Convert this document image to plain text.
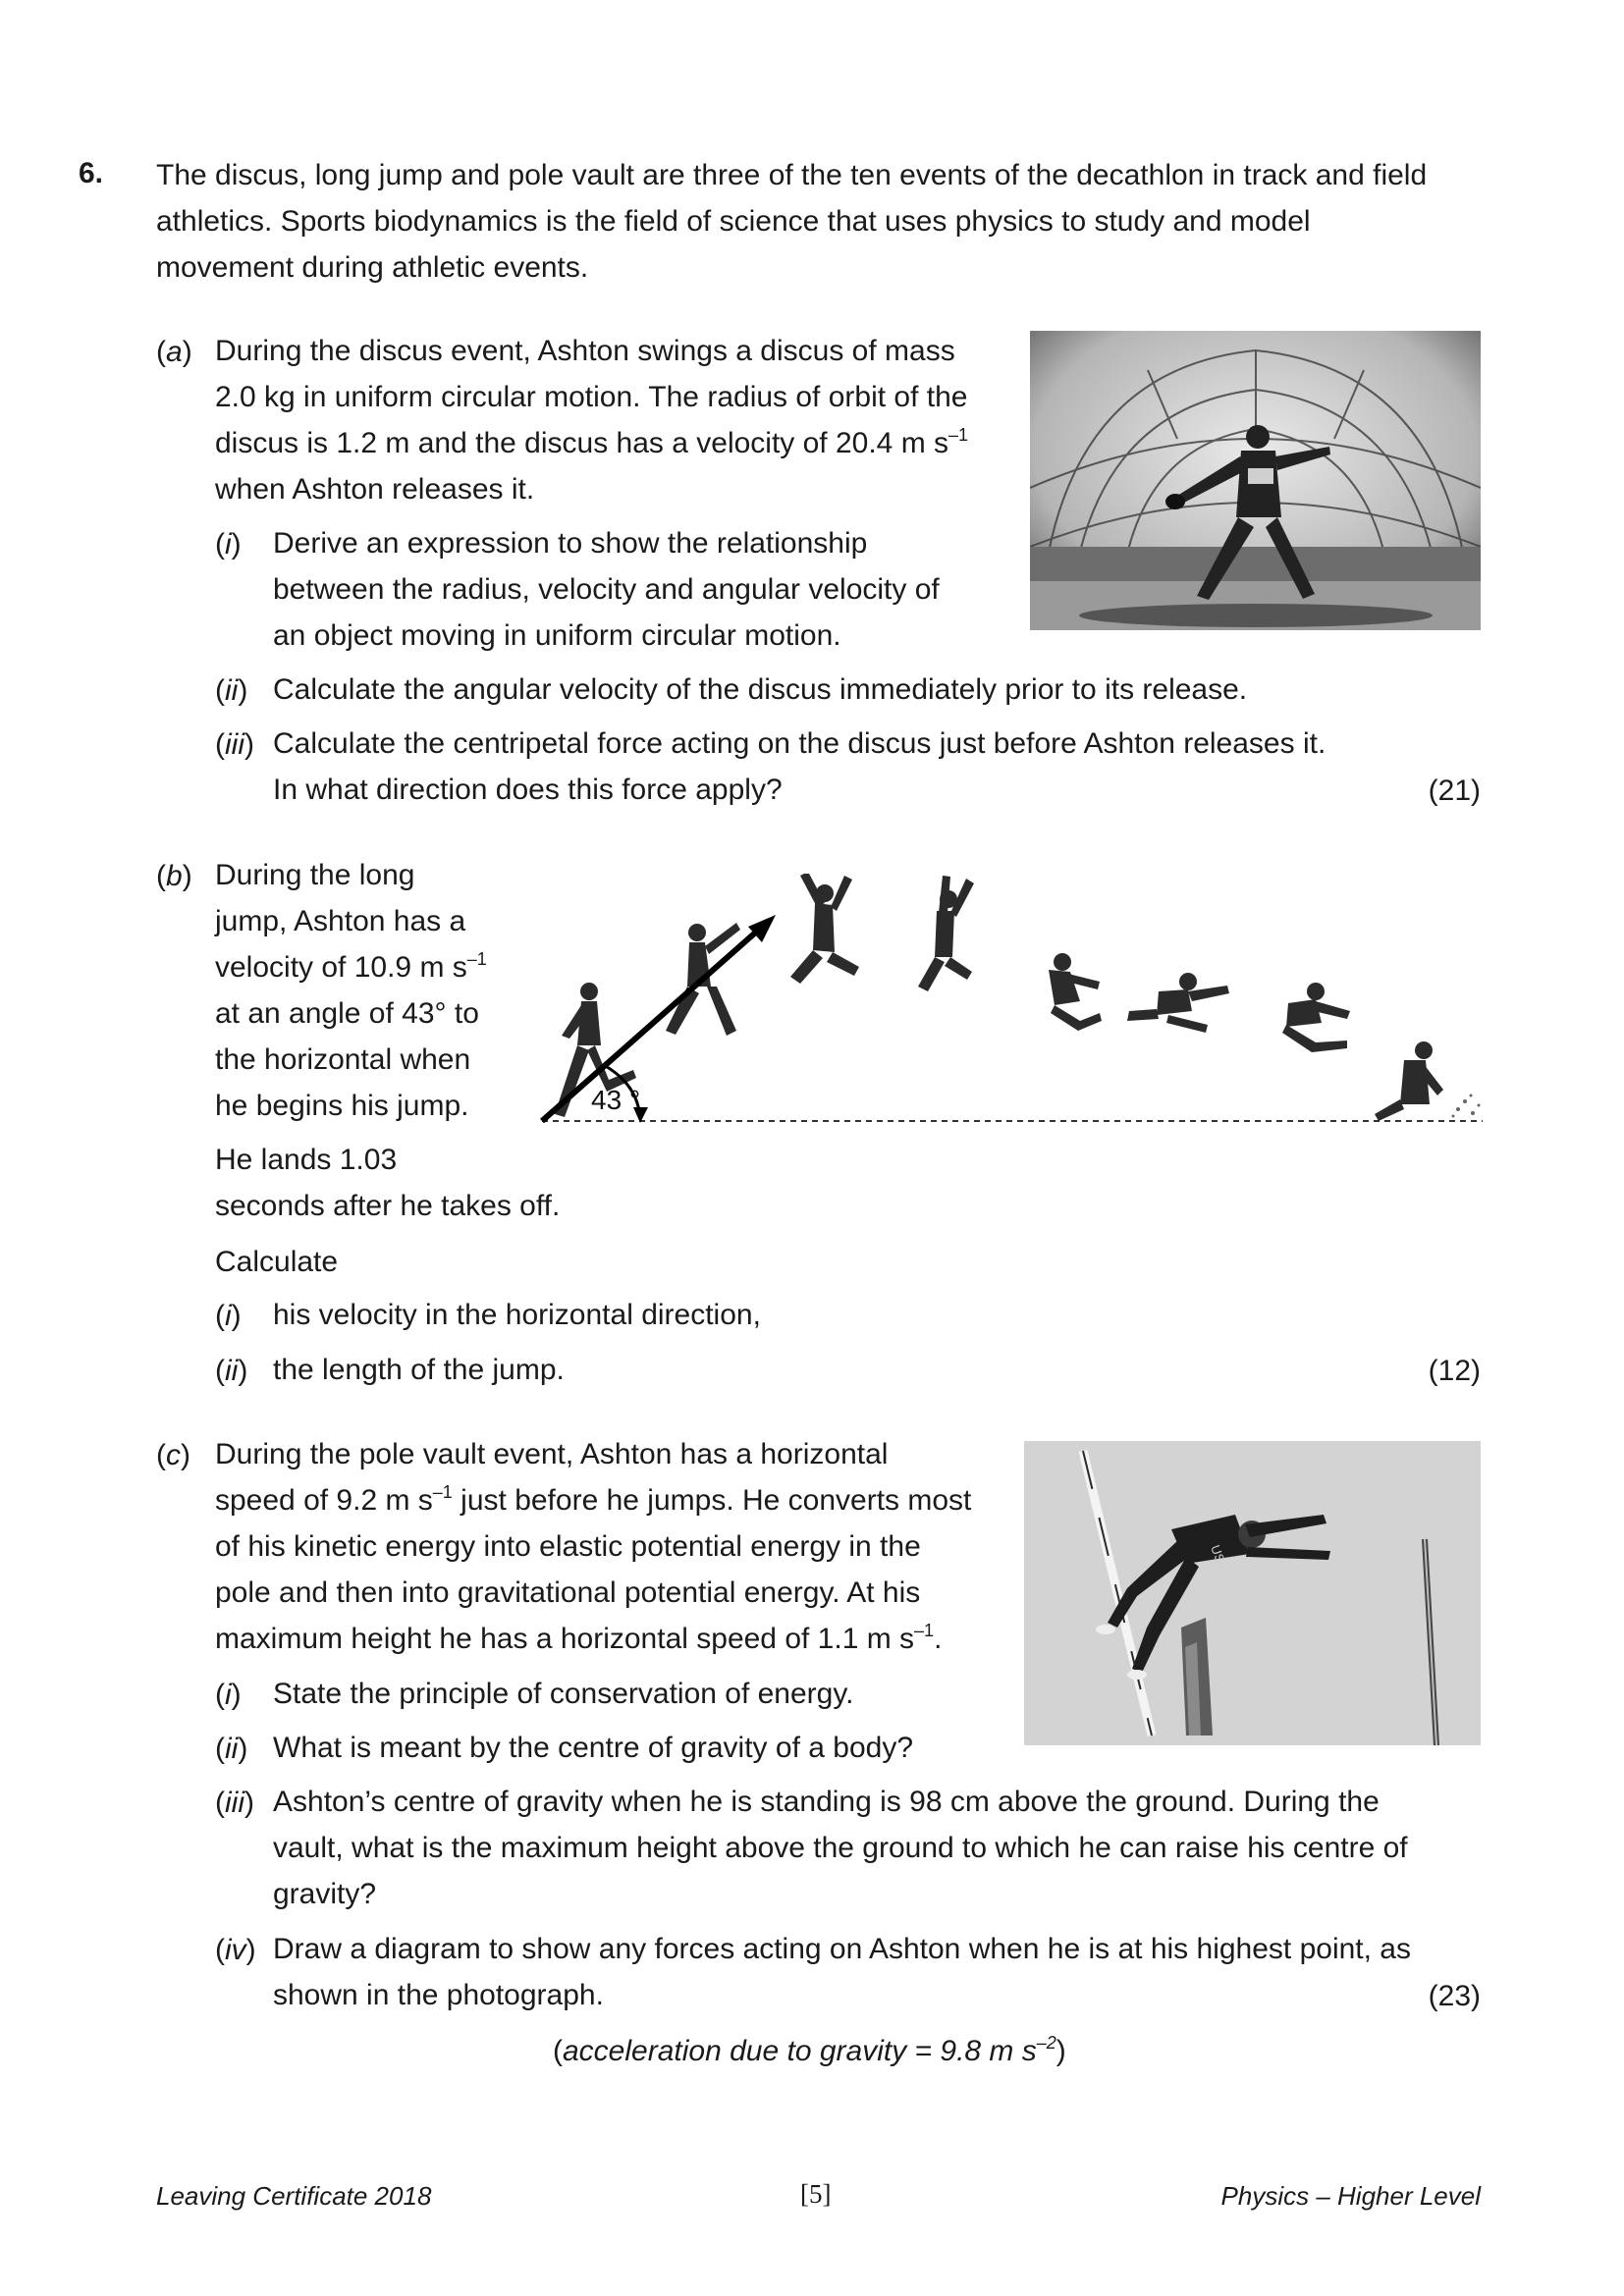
6. The discus, long jump and pole vault are three of the ten events of the decathlon in track and field
athletics. Sports biodynamics is the field of science that uses physics to study and model
movement during athletic events.
(a) During the discus event, Ashton swings a discus of mass
2.0 kg in uniform circular motion. The radius of orbit of the
discus is 1.2 m and the discus has a velocity of 20.4 m $s^{-1}$
when Ashton releases it.
(i) Derive an expression to show the relationship
between the radius, velocity and angular velocity of
an object moving in uniform circular motion.
(ii) Calculate the angular velocity of the discus immediately prior to its release.
(iii) Calculate the centripetal force acting on the discus just before Ashton releases it.
In what direction does this force apply?	(21)
(b) During the long
jump, Ashton has a
velocity of 10.9 m $s^{-1}$
at an angle of 43° to
the horizontal when
he begins his jump.
He lands 1.03
seconds after he takes off.
Calculate
(i) his velocity in the horizontal direction,
(ii) the length of the jump.	(12)
43 °
(c) During the pole vault event, Ashton has a horizontal
speed of 9.2 m $s^{-1}$ just before he jumps. He converts most
of his kinetic energy into elastic potential energy in the
pole and then into gravitational potential energy. At his
maximum height he has a horizontal speed of 1.1 m $s^{-1}$.
(i) State the principle of conservation of energy.
(ii) What is meant by the centre of gravity of a body?
(iii) Ashton’s centre of gravity when he is standing is 98 cm above the ground. During the
vault, what is the maximum height above the ground to which he can raise his centre of
gravity?
(iv) Draw a diagram to show any forces acting on Ashton when he is at his highest point, as
shown in the photograph.	(23)
USA
(acceleration due to gravity = 9.8 m $s^{-2}$)
Leaving Certificate 2018	[5]	Physics – Higher Level
